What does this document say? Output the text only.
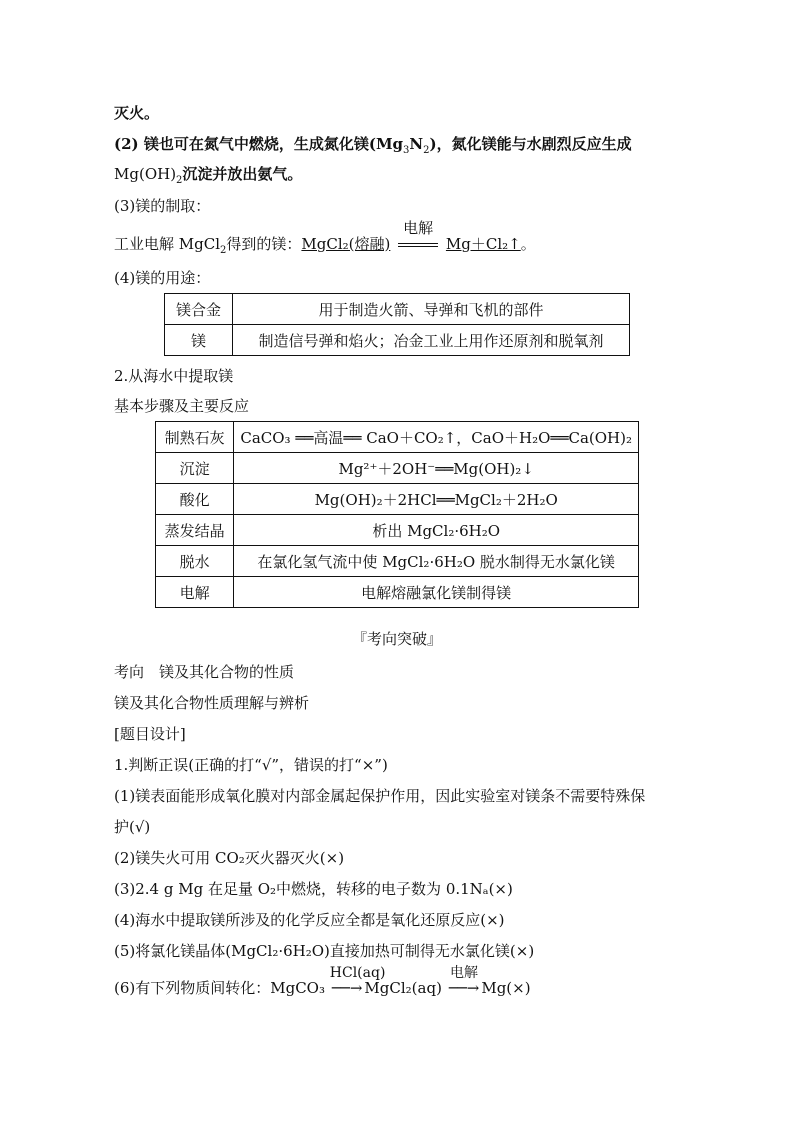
灭火。
(2) 镁也可在氮气中燃烧，生成氮化镁$(Mg_3N_2)$，氮化镁能与水剧烈反应生成
$Mg(OH)_2$沉淀并放出氨气。
(3)镁的制取：
工业电解 MgCl$_2$得到的镁：MgCl₂(熔融)
电解
Mg＋Cl₂↑。
(4)镁的用途：
镁合金	用于制造火箭、导弹和飞机的部件
镁	制造信号弹和焰火；冶金工业上用作还原剂和脱氧剂
2.从海水中提取镁
基本步骤及主要反应
制熟石灰	CaCO₃ ══高温══ CaO＋CO₂↑，CaO＋H₂O══Ca(OH)₂
沉淀	Mg²⁺＋2OH⁻══Mg(OH)₂↓
酸化	Mg(OH)₂＋2HCl══MgCl₂＋2H₂O
蒸发结晶	析出 MgCl₂·6H₂O
脱水	在氯化氢气流中使 MgCl₂·6H₂O 脱水制得无水氯化镁
电解	电解熔融氯化镁制得镁
『考向突破』
考向　镁及其化合物的性质
镁及其化合物性质理解与辨析
[题目设计]
1.判断正误(正确的打“√”，错误的打“×”)
(1)镁表面能形成氧化膜对内部金属起保护作用，因此实验室对镁条不需要特殊保
护(√)
(2)镁失火可用 CO₂灭火器灭火(×)
(3)2.4 g Mg 在足量 O₂中燃烧，转移的电子数为 0.1Nₐ(×)
(4)海水中提取镁所涉及的化学反应全都是氧化还原反应(×)
(5)将氯化镁晶体(MgCl₂·6H₂O)直接加热可制得无水氯化镁(×)
(6)有下列物质间转化：MgCO₃
HCl(aq)
──→ MgCl₂(aq)
电解
──→ Mg(×)
